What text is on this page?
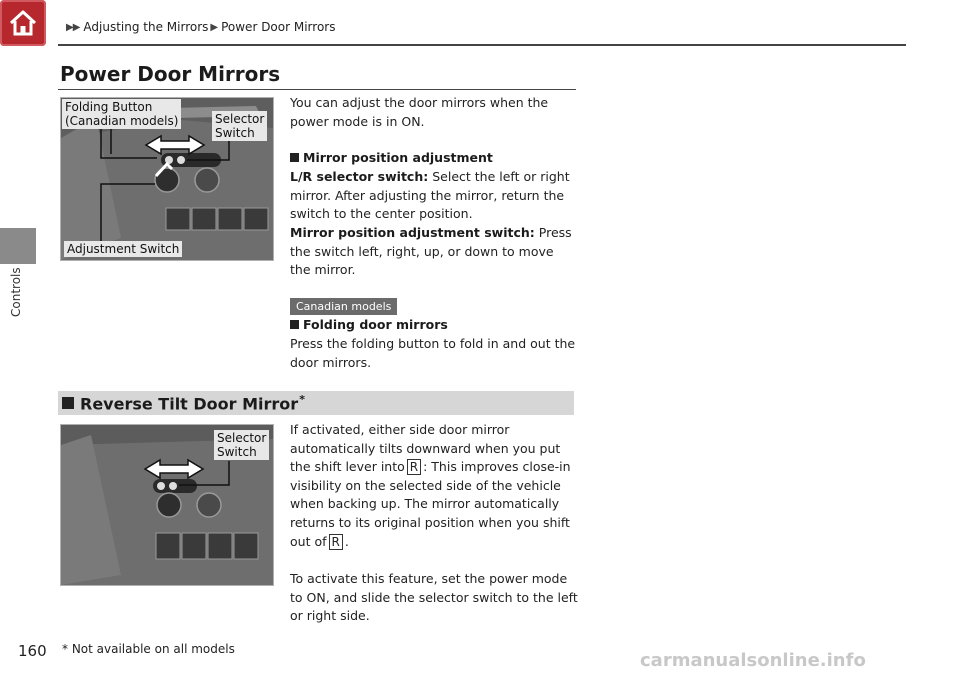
Controls
▶▶ Adjusting the Mirrors ▶ Power Door Mirrors
Power Door Mirrors
Folding Button
(Canadian models)	Selector
Switch
Adjustment Switch
You can adjust the door mirrors when the power mode is in ON.
Mirror position adjustment
L/R selector switch: Select the left or right mirror. After adjusting the mirror, return the switch to the center position.
Mirror position adjustment switch: Press the switch left, right, up, or down to move the mirror.
Canadian models
Folding door mirrors
Press the folding button to fold in and out the door mirrors.
Reverse Tilt Door Mirror*
Selector
Switch
If activated, either side door mirror automatically tilts downward when you put the shift lever into R : This improves close-in visibility on the selected side of the vehicle when backing up. The mirror automatically returns to its original position when you shift out of R .
To activate this feature, set the power mode to ON, and slide the selector switch to the left or right side.
160 * Not available on all models
carmanualsonline.info
